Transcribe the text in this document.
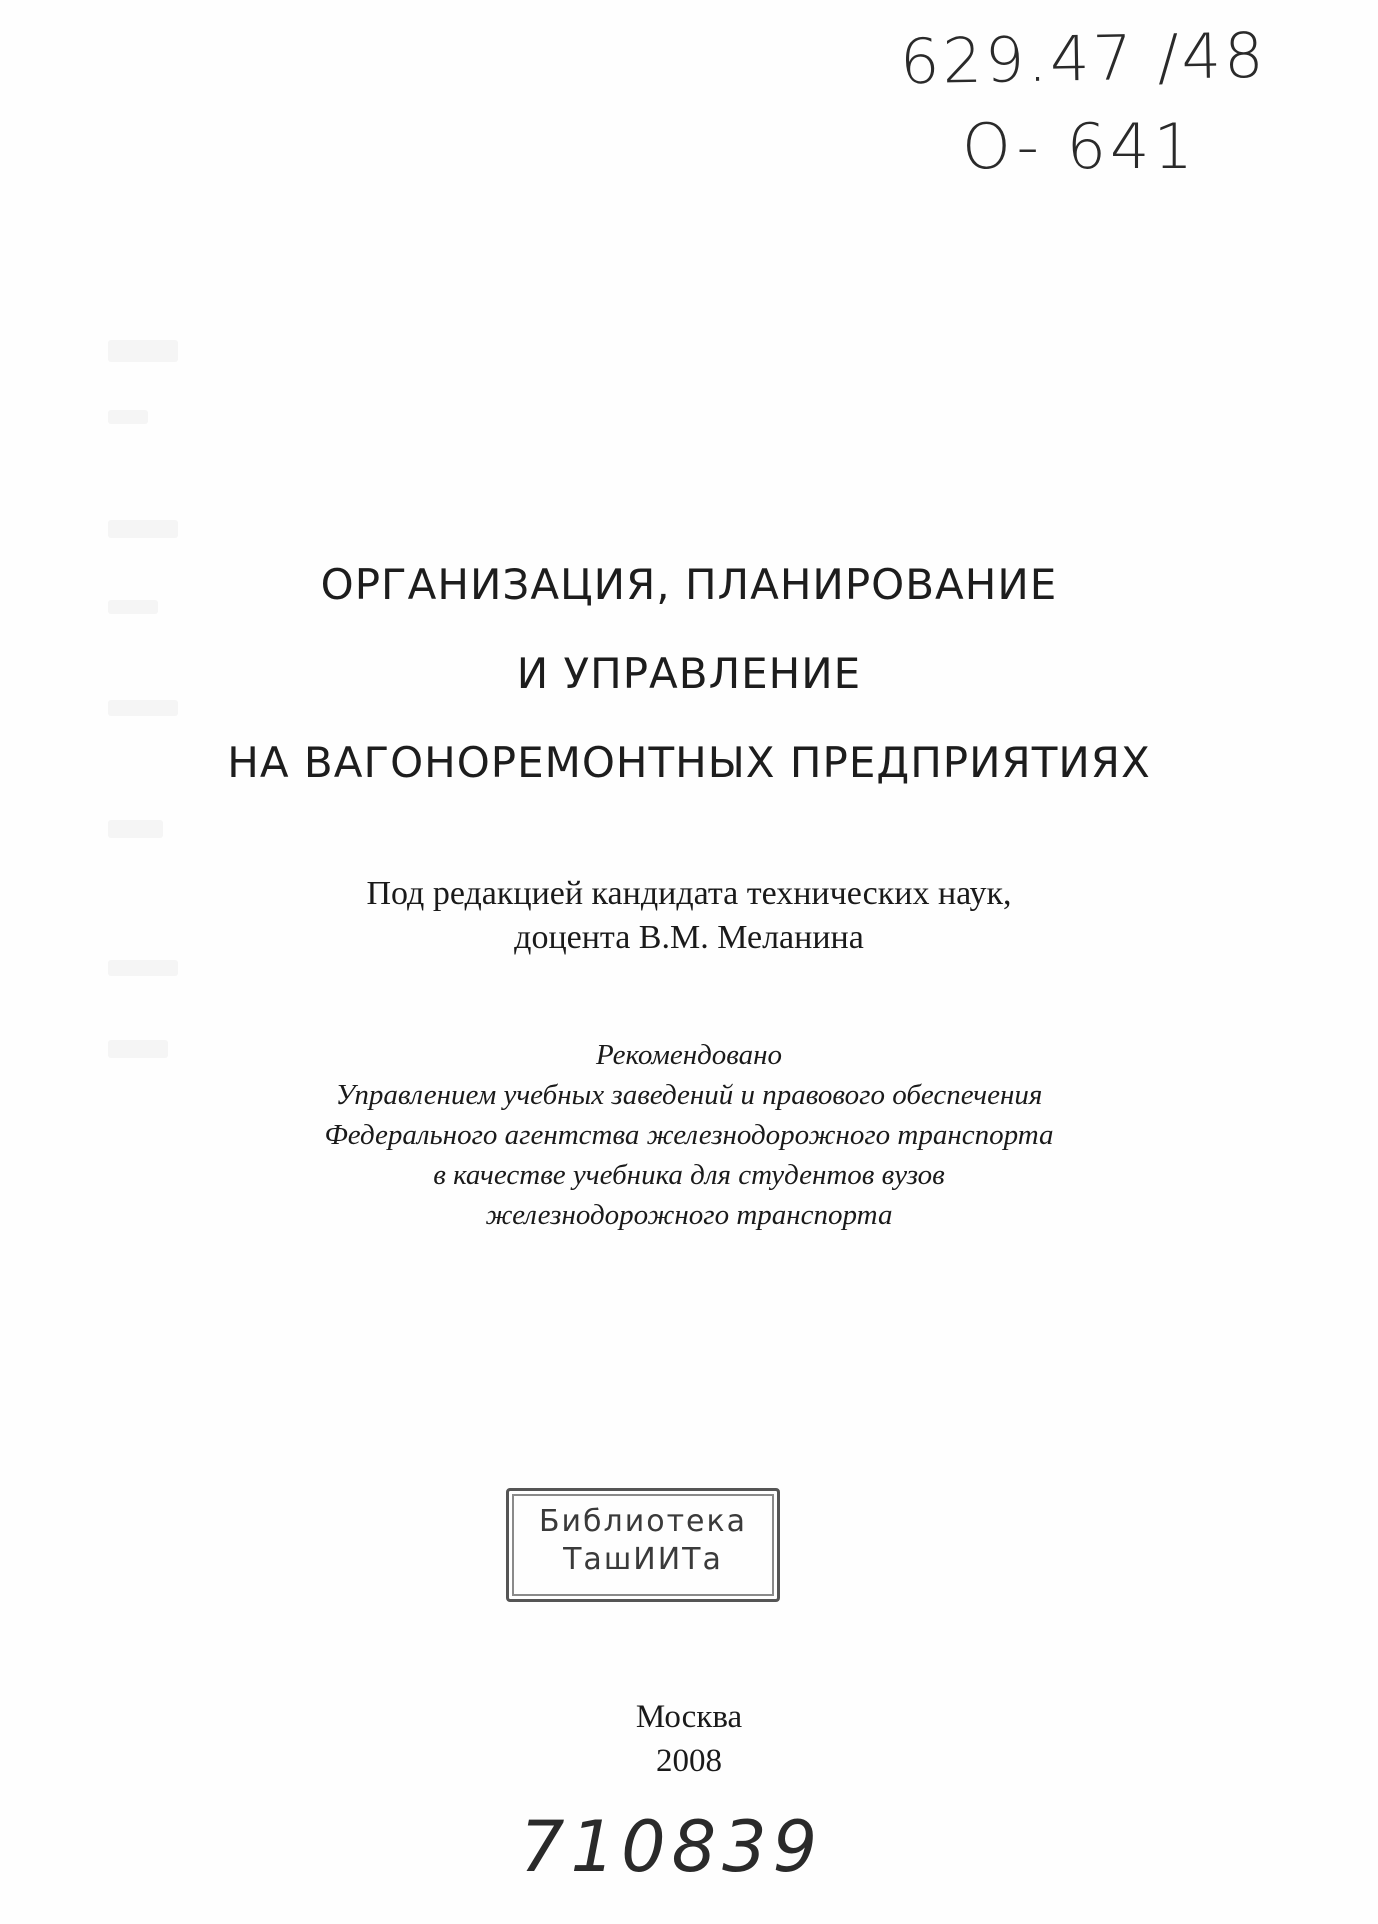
629.47 /48
O- 641
ОРГАНИЗАЦИЯ, ПЛАНИРОВАНИЕ
И УПРАВЛЕНИЕ
НА ВАГОНОРЕМОНТНЫХ ПРЕДПРИЯТИЯХ
Под редакцией кандидата технических наук,
доцента В.М. Меланина
Рекомендовано
Управлением учебных заведений и правового обеспечения
Федерального агентства железнодорожного транспорта
в качестве учебника для студентов вузов
железнодорожного транспорта
Библиотека
ТашИИТа
Москва
2008
710839
